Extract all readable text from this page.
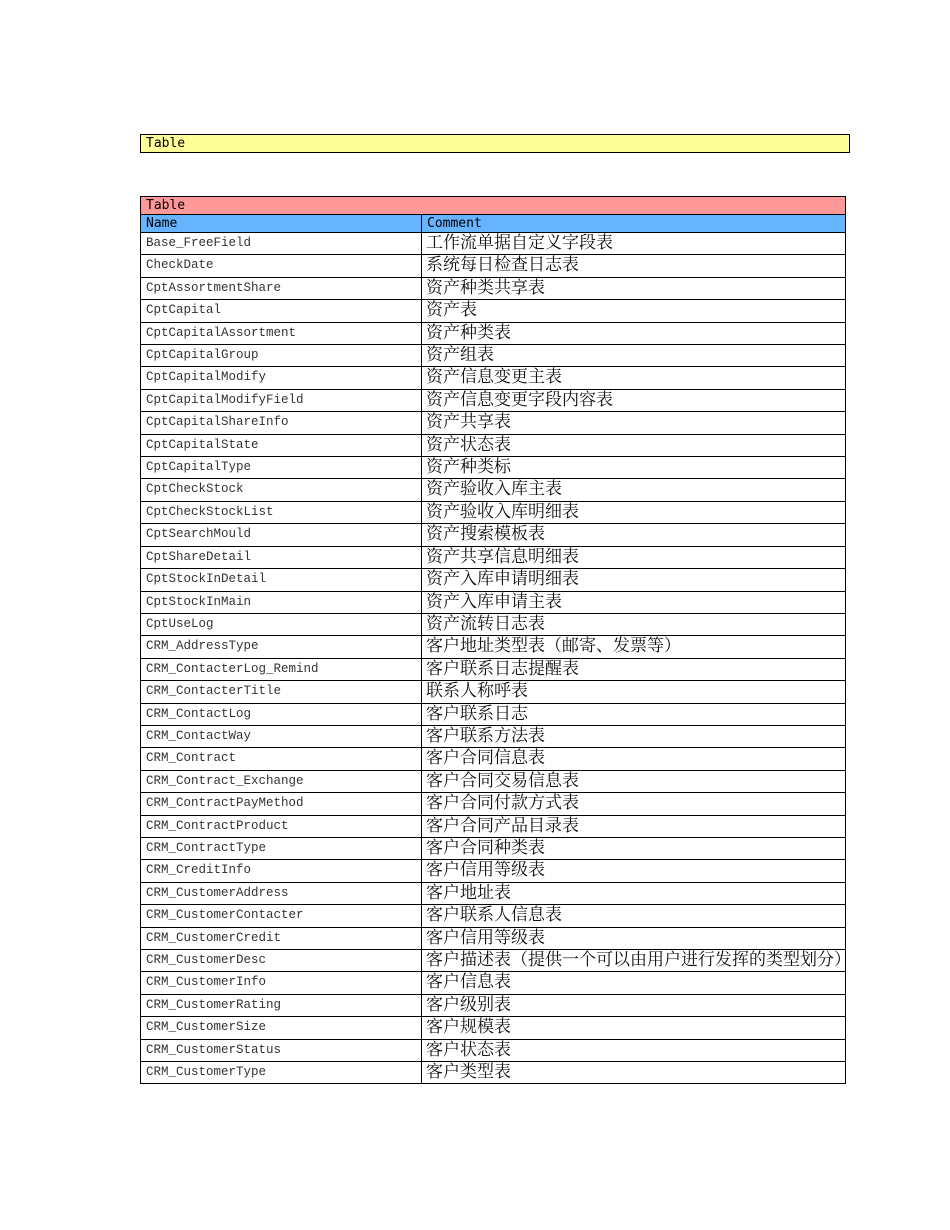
Table
Table	
Name	Comment
Base_FreeField	工作流单据自定义字段表
CheckDate	系统每日检查日志表
CptAssortmentShare	资产种类共享表
CptCapital	资产表
CptCapitalAssortment	资产种类表
CptCapitalGroup	资产组表
CptCapitalModify	资产信息变更主表
CptCapitalModifyField	资产信息变更字段内容表
CptCapitalShareInfo	资产共享表
CptCapitalState	资产状态表
CptCapitalType	资产种类标
CptCheckStock	资产验收入库主表
CptCheckStockList	资产验收入库明细表
CptSearchMould	资产搜索模板表
CptShareDetail	资产共享信息明细表
CptStockInDetail	资产入库申请明细表
CptStockInMain	资产入库申请主表
CptUseLog	资产流转日志表
CRM_AddressType	客户地址类型表（邮寄、发票等）
CRM_ContacterLog_Remind	客户联系日志提醒表
CRM_ContacterTitle	联系人称呼表
CRM_ContactLog	客户联系日志
CRM_ContactWay	客户联系方法表
CRM_Contract	客户合同信息表
CRM_Contract_Exchange	客户合同交易信息表
CRM_ContractPayMethod	客户合同付款方式表
CRM_ContractProduct	客户合同产品目录表
CRM_ContractType	客户合同种类表
CRM_CreditInfo	客户信用等级表
CRM_CustomerAddress	客户地址表
CRM_CustomerContacter	客户联系人信息表
CRM_CustomerCredit	客户信用等级表
CRM_CustomerDesc	客户描述表（提供一个可以由用户进行发挥的类型划分）
CRM_CustomerInfo	客户信息表
CRM_CustomerRating	客户级别表
CRM_CustomerSize	客户规模表
CRM_CustomerStatus	客户状态表
CRM_CustomerType	客户类型表
